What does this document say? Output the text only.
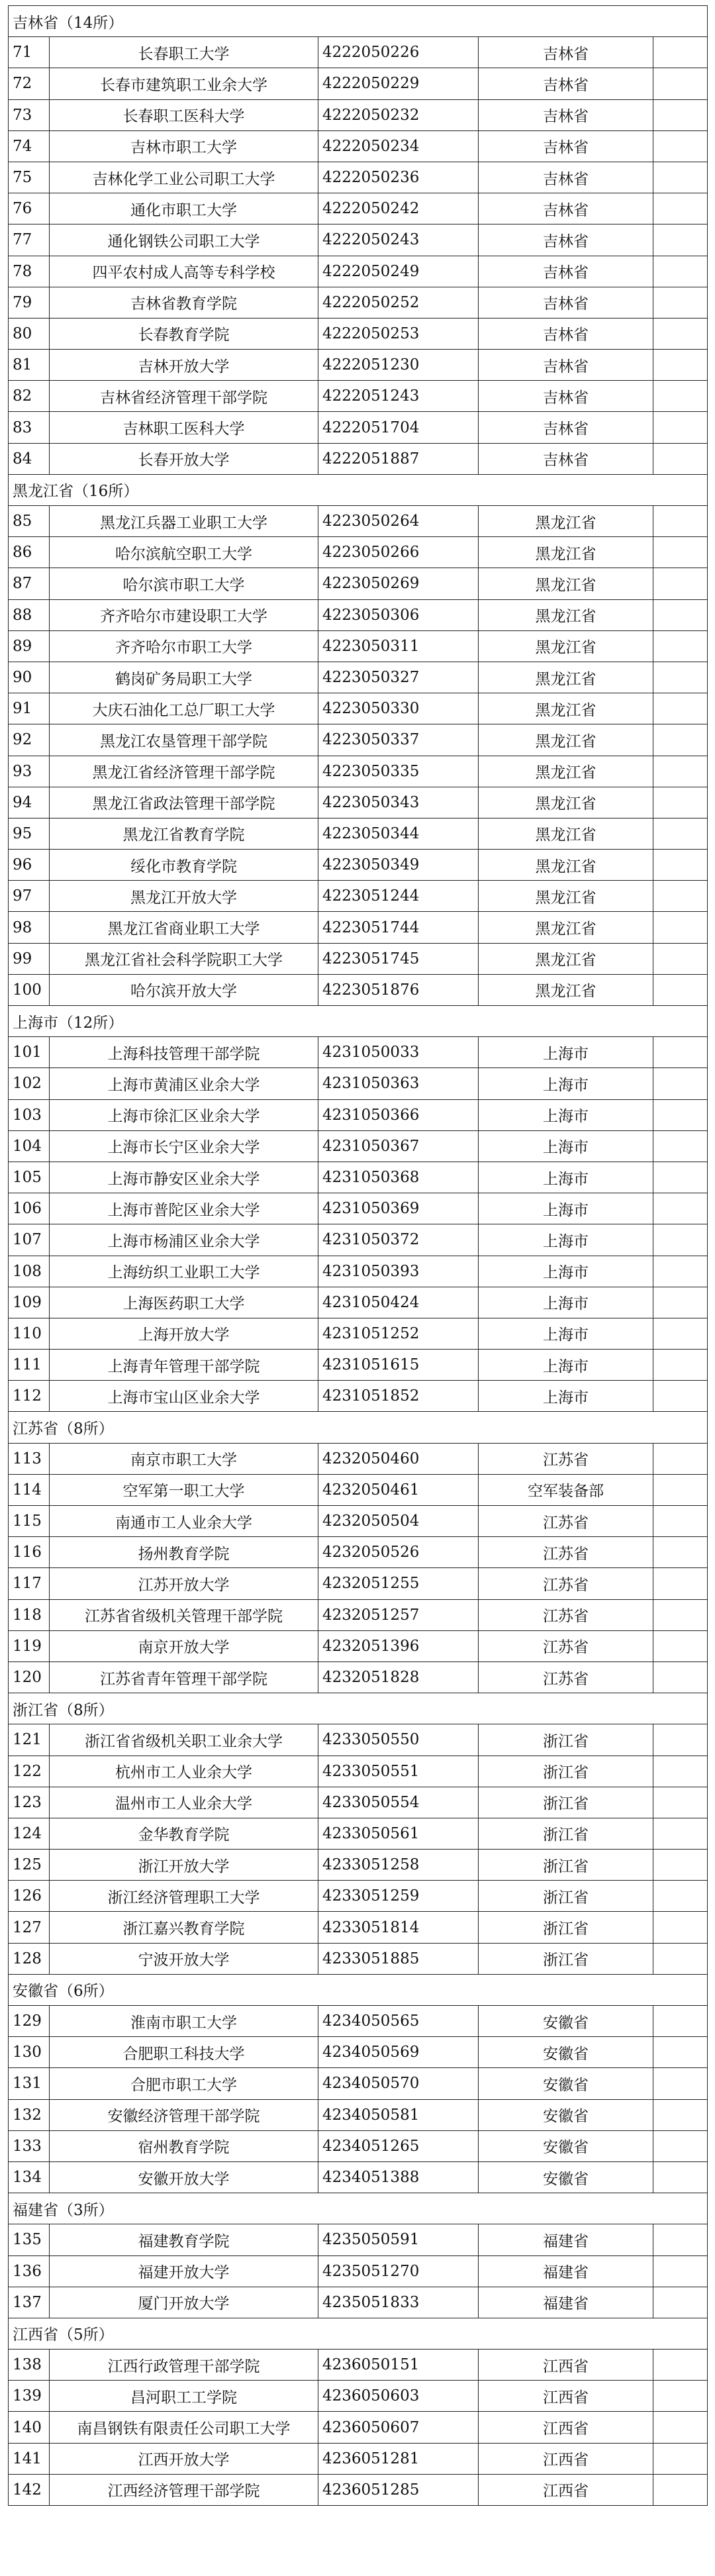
吉林省（14所）				
71	长春职工大学	4222050226	吉林省	
72	长春市建筑职工业余大学	4222050229	吉林省	
73	长春职工医科大学	4222050232	吉林省	
74	吉林市职工大学	4222050234	吉林省	
75	吉林化学工业公司职工大学	4222050236	吉林省	
76	通化市职工大学	4222050242	吉林省	
77	通化钢铁公司职工大学	4222050243	吉林省	
78	四平农村成人高等专科学校	4222050249	吉林省	
79	吉林省教育学院	4222050252	吉林省	
80	长春教育学院	4222050253	吉林省	
81	吉林开放大学	4222051230	吉林省	
82	吉林省经济管理干部学院	4222051243	吉林省	
83	吉林职工医科大学	4222051704	吉林省	
84	长春开放大学	4222051887	吉林省	
黑龙江省（16所）				
85	黑龙江兵器工业职工大学	4223050264	黑龙江省	
86	哈尔滨航空职工大学	4223050266	黑龙江省	
87	哈尔滨市职工大学	4223050269	黑龙江省	
88	齐齐哈尔市建设职工大学	4223050306	黑龙江省	
89	齐齐哈尔市职工大学	4223050311	黑龙江省	
90	鹤岗矿务局职工大学	4223050327	黑龙江省	
91	大庆石油化工总厂职工大学	4223050330	黑龙江省	
92	黑龙江农垦管理干部学院	4223050337	黑龙江省	
93	黑龙江省经济管理干部学院	4223050335	黑龙江省	
94	黑龙江省政法管理干部学院	4223050343	黑龙江省	
95	黑龙江省教育学院	4223050344	黑龙江省	
96	绥化市教育学院	4223050349	黑龙江省	
97	黑龙江开放大学	4223051244	黑龙江省	
98	黑龙江省商业职工大学	4223051744	黑龙江省	
99	黑龙江省社会科学院职工大学	4223051745	黑龙江省	
100	哈尔滨开放大学	4223051876	黑龙江省	
上海市（12所）				
101	上海科技管理干部学院	4231050033	上海市	
102	上海市黄浦区业余大学	4231050363	上海市	
103	上海市徐汇区业余大学	4231050366	上海市	
104	上海市长宁区业余大学	4231050367	上海市	
105	上海市静安区业余大学	4231050368	上海市	
106	上海市普陀区业余大学	4231050369	上海市	
107	上海市杨浦区业余大学	4231050372	上海市	
108	上海纺织工业职工大学	4231050393	上海市	
109	上海医药职工大学	4231050424	上海市	
110	上海开放大学	4231051252	上海市	
111	上海青年管理干部学院	4231051615	上海市	
112	上海市宝山区业余大学	4231051852	上海市	
江苏省（8所）				
113	南京市职工大学	4232050460	江苏省	
114	空军第一职工大学	4232050461	空军装备部	
115	南通市工人业余大学	4232050504	江苏省	
116	扬州教育学院	4232050526	江苏省	
117	江苏开放大学	4232051255	江苏省	
118	江苏省省级机关管理干部学院	4232051257	江苏省	
119	南京开放大学	4232051396	江苏省	
120	江苏省青年管理干部学院	4232051828	江苏省	
浙江省（8所）				
121	浙江省省级机关职工业余大学	4233050550	浙江省	
122	杭州市工人业余大学	4233050551	浙江省	
123	温州市工人业余大学	4233050554	浙江省	
124	金华教育学院	4233050561	浙江省	
125	浙江开放大学	4233051258	浙江省	
126	浙江经济管理职工大学	4233051259	浙江省	
127	浙江嘉兴教育学院	4233051814	浙江省	
128	宁波开放大学	4233051885	浙江省	
安徽省（6所）				
129	淮南市职工大学	4234050565	安徽省	
130	合肥职工科技大学	4234050569	安徽省	
131	合肥市职工大学	4234050570	安徽省	
132	安徽经济管理干部学院	4234050581	安徽省	
133	宿州教育学院	4234051265	安徽省	
134	安徽开放大学	4234051388	安徽省	
福建省（3所）				
135	福建教育学院	4235050591	福建省	
136	福建开放大学	4235051270	福建省	
137	厦门开放大学	4235051833	福建省	
江西省（5所）				
138	江西行政管理干部学院	4236050151	江西省	
139	昌河职工工学院	4236050603	江西省	
140	南昌钢铁有限责任公司职工大学	4236050607	江西省	
141	江西开放大学	4236051281	江西省	
142	江西经济管理干部学院	4236051285	江西省	
